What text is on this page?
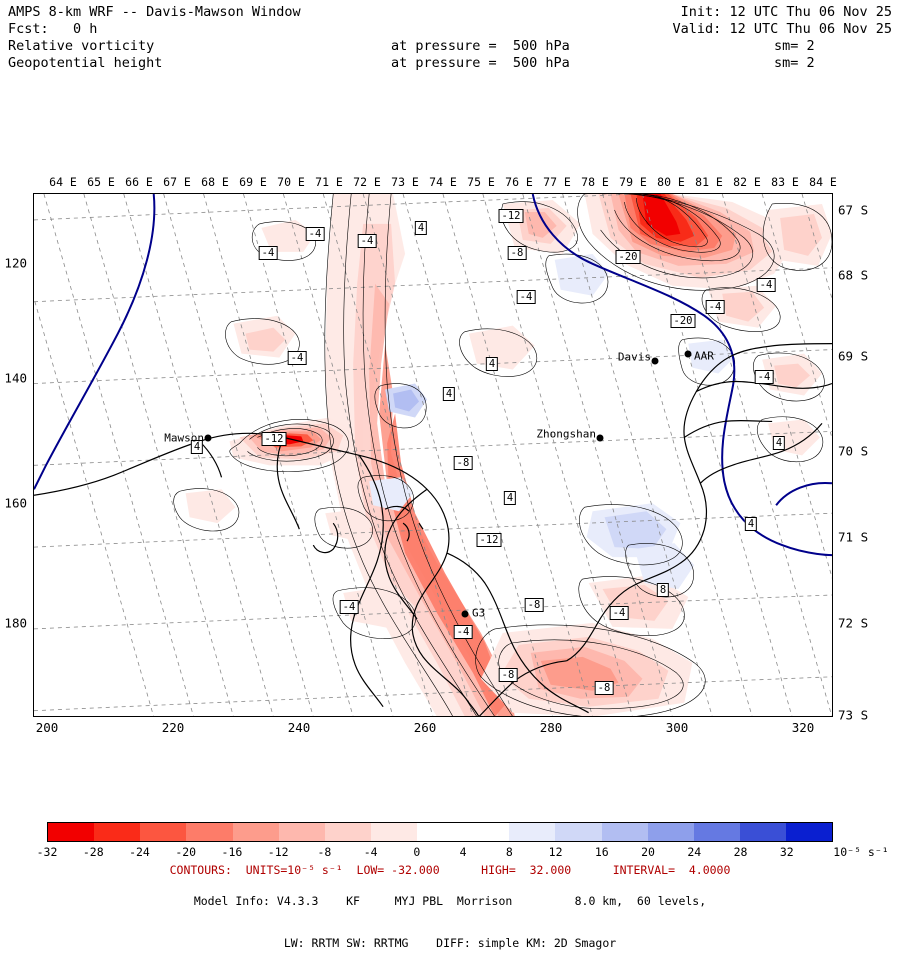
AMPS 8-km WRF -- Davis-Mawson Window

	Init: 12 UTC Thu 06 Nov 25

Fcst:   0 h

	Valid: 12 UTC Thu 06 Nov 25

Relative vorticity

	at pressure =  500 hPa

	sm= 2

Geopotential height

	at pressure =  500 hPa

	sm= 2

64 E 65 E 66 E 67 E 68 E 69 E 70 E 71 E 72 E 73 E 74 E 75 E 76 E 77 E 78 E 79 E 80 E 81 E 82 E 83 E 84 E
-12
-4	4
-20
-4
-4
-8
-4
-4
-4
-20
-4	4
-4
4
4
-12	4
-8
4
4
-12
8
-4	-8
-4
-4
-8
-8
Mawson
Davis	AAR
Zhongshan
G3
120
140
160
180
67 S
68 S
69 S
70 S
71 S
72 S
73 S
200	220	240	260	280	300	320

CONTOURS:  UNITS=10⁻⁵ s⁻¹  LOW= -32.000      HIGH=  32.000      INTERVAL=  4.0000

-32 -28 -24 -20 -16 -12	-8	-4	0	4	8	12	16	20	24	28	32	10⁻⁵ s⁻¹

Model Info: V4.3.3    KF     MYJ PBL  Morrison         8.0 km,  60 levels,

LW: RRTM SW: RRTMG    DIFF: simple KM: 2D Smagor
